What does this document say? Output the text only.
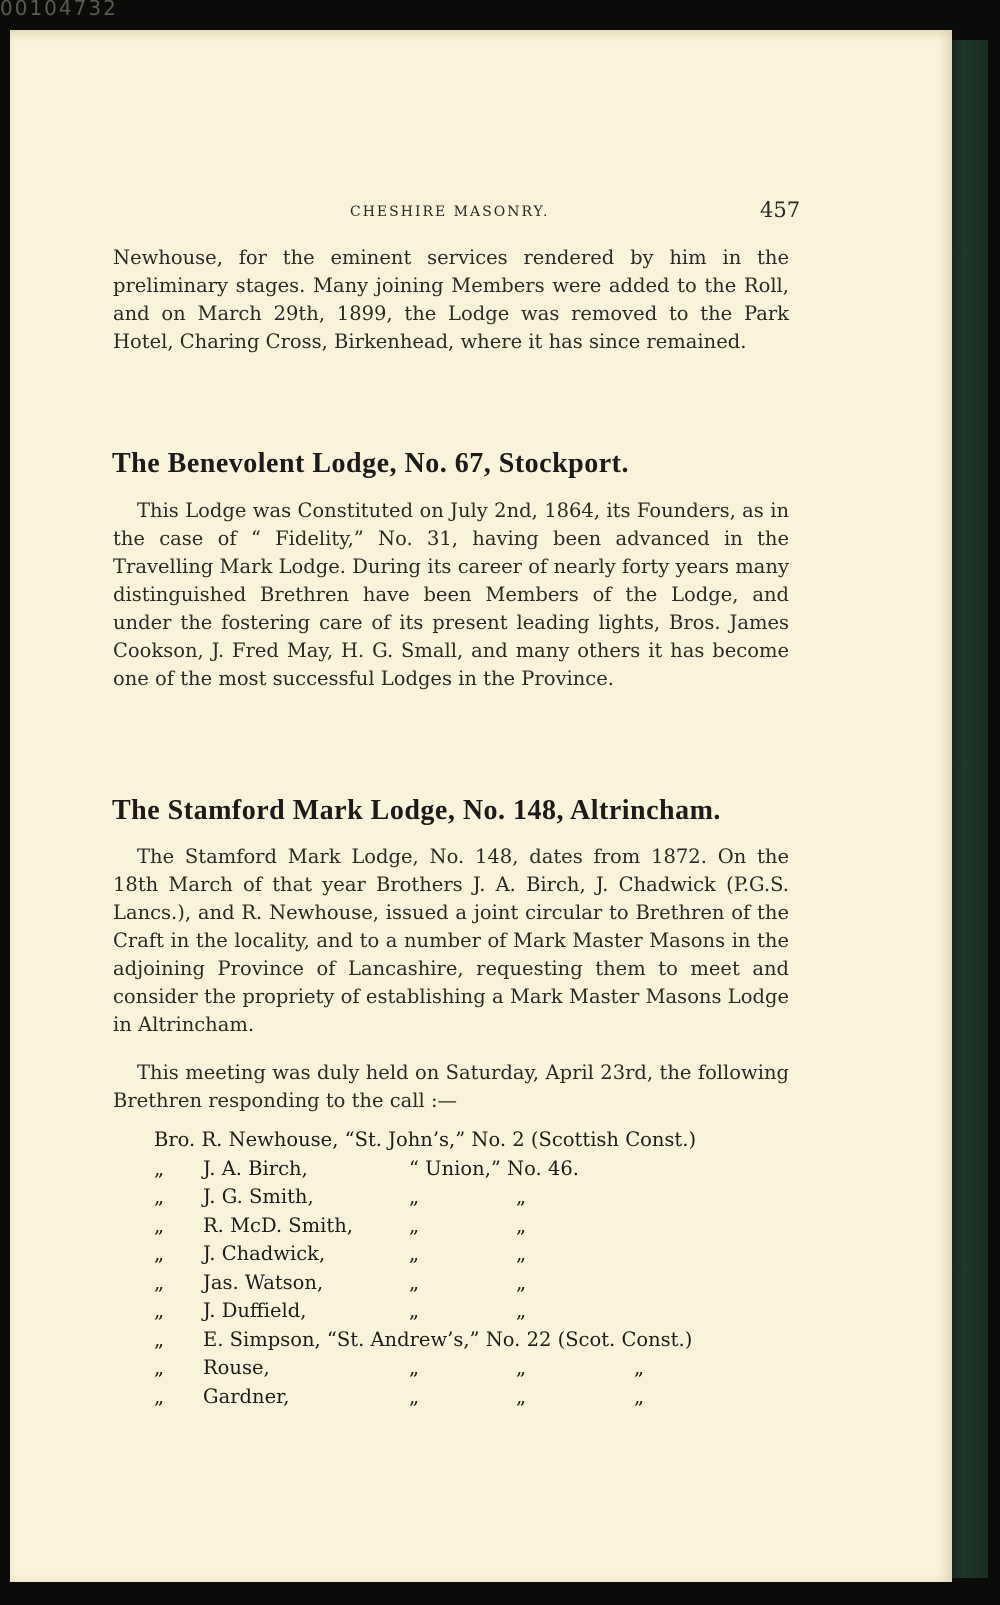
00104732
CHESHIRE MASONRY.	457

Newhouse, for the eminent services rendered by him in the preliminary stages. Many joining Members were added to the Roll, and on March 29th, 1899, the Lodge was removed to the Park Hotel, Charing Cross, Birkenhead, where it has since remained.

The Benevolent Lodge, No. 67, Stockport.

This Lodge was Constituted on July 2nd, 1864, its Founders, as in the case of “ Fidelity,” No. 31, having been advanced in the Travelling Mark Lodge. During its career of nearly forty years many distinguished Brethren have been Members of the Lodge, and under the fostering care of its present leading lights, Bros. James Cookson, J. Fred May, H. G. Small, and many others it has become one of the most successful Lodges in the Province.

The Stamford Mark Lodge, No. 148, Altrincham.

The Stamford Mark Lodge, No. 148, dates from 1872. On the 18th March of that year Brothers J. A. Birch, J. Chadwick (P.G.S. Lancs.), and R. Newhouse, issued a joint circular to Brethren of the Craft in the locality, and to a number of Mark Master Masons in the adjoining Province of Lancashire, requesting them to meet and consider the propriety of establishing a Mark Master Masons Lodge in Altrincham.

This meeting was duly held on Saturday, April 23rd, the following Brethren responding to the call :—

Bro. R. Newhouse, “St. John’s,” No. 2 (Scottish Const.)
„ J. A. Birch,	“ Union,” No. 46.
„ J. G. Smith,	„	„
„ R. McD. Smith,	„	„
„ J. Chadwick,	„	„
„ Jas. Watson,	„	„
„ J. Duffield,	„	„
„ E. Simpson, “St. Andrew’s,” No. 22 (Scot. Const.)
„ Rouse,	„	„	„
„ Gardner,	„	„	„
